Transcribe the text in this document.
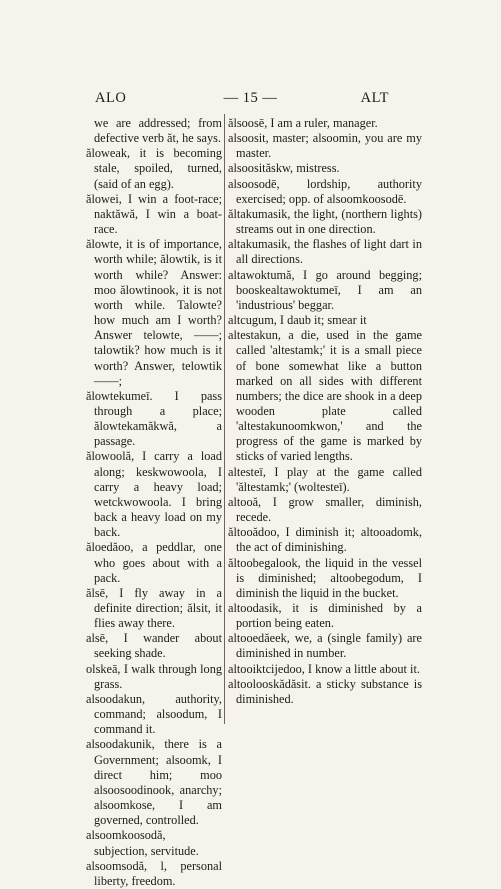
ALO	— 15 —	ALT

we are addressed; from defective verb ăt, he says.

ăloweak, it is becoming stale, spoiled, turned, (said of an egg).

ălowei, I win a foot-race; naktăwă, I win a boat-race.

ălowte, it is of importance, worth while; ălowtik, is it worth while? Answer: moo ălowtinook, it is not worth while. Talowte? how much am I worth? Answer telowte, ——; talowtik? how much is it worth? Answer, telowtik ——;

ălowtekumeī. I pass through a place; ălowtekamăkwă, a passage.

ălowoolă, I carry a load along; keskwowoola, I carry a heavy load; wetckwowoola. I bring back a heavy load on my back.

ăloedăoo, a peddlar, one who goes about with a pack.

ălsē, I fly away in a definite direction; ălsit, it flies away there.

alsē, I wander about seeking shade.

olskeā, I walk through long grass.

alsoodakun, authority, command; alsoodum, I command it.

alsoodakunik, there is a Government; alsoomk, I direct him; moo alsoosoodinook, anarchy; alsoomkose, I am governed, controlled.

alsoomkoosodă, subjection, servitude.

alsoomsodă, l, personal liberty, freedom.

ălsoosē, I am a ruler, manager.

alsoosit, master; alsoomin, you are my master.

alsoosităskw, mistress.

alsoosodē, lordship, authority exercised; opp. of alsoomkoosodē.

ăltakumasik, the light, (northern lights) streams out in one direction.

altakumasik, the flashes of light dart in all directions.

altawoktumă, I go around begging; booskealtawoktumeī, I am an 'industrious' beggar.

altcugum, I daub it; smear it

altestakun, a die, used in the game called 'altestamk;' it is a small piece of bone somewhat like a button marked on all sides with different numbers; the dice are shook in a deep wooden plate called 'altestakunoomkwon,' and the progress of the game is marked by sticks of varied lengths.

altesteī, I play at the game called 'ăltestamk;' (woltesteī).

altooă, I grow smaller, diminish, recede.

ăltooădoo, I diminish it; altooadomk, the act of diminishing.

ăltoobegalook, the liquid in the vessel is diminished; altoobegodum, I diminish the liquid in the bucket.

altoodasik, it is diminished by a portion being eaten.

altooedăeek, we, a (single family) are diminished in number.

altooiktcijedoo, I know a little about it.

altoolooskădăsit. a sticky substance is diminished.
